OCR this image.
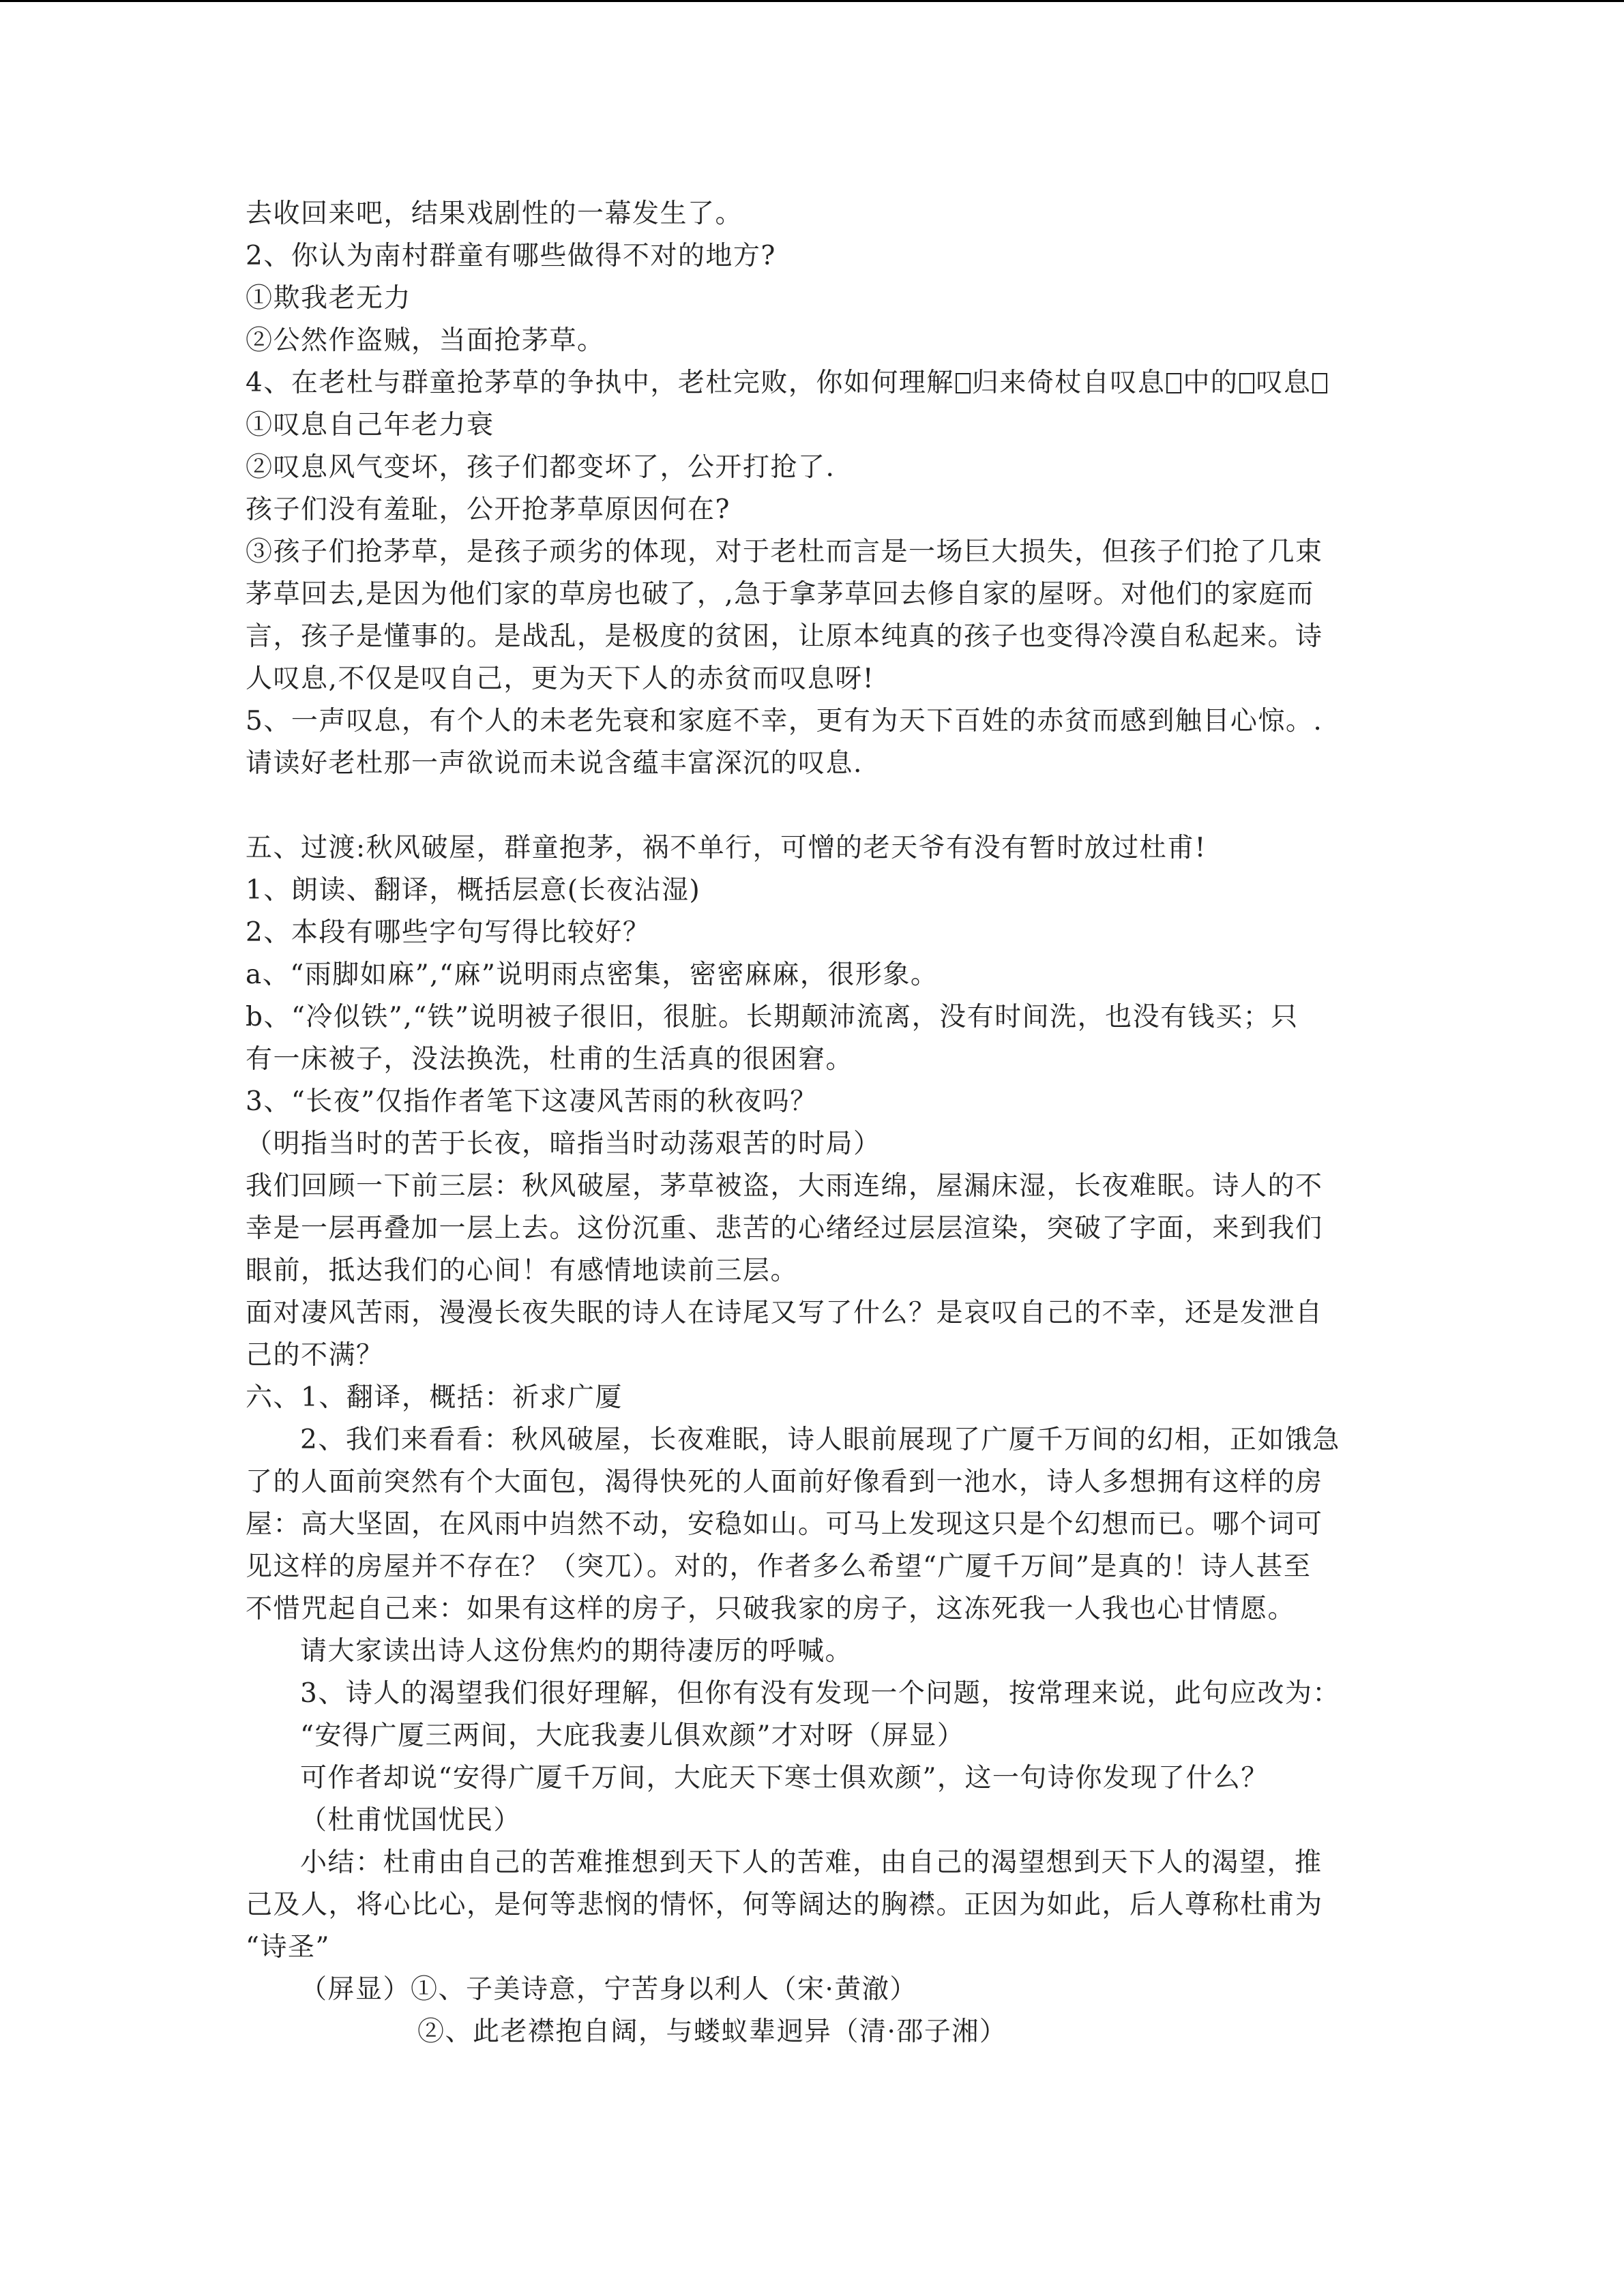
去收回来吧，结果戏剧性的一幕发生了。
2、你认为南村群童有哪些做得不对的地方?
①欺我老无力
②公然作盗贼，当面抢茅草。
4、在老杜与群童抢茅草的争执中，老杜完败，你如何理解 归来倚杖自叹息 中的 叹息
①叹息自己年老力衰
②叹息风气变坏，孩子们都变坏了，公开打抢了.
孩子们没有羞耻，公开抢茅草原因何在?
③孩子们抢茅草，是孩子顽劣的体现，对于老杜而言是一场巨大损失，但孩子们抢了几束
茅草回去,是因为他们家的草房也破了，,急于拿茅草回去修自家的屋呀。对他们的家庭而
言，孩子是懂事的。是战乱，是极度的贫困，让原本纯真的孩子也变得冷漠自私起来。诗
人叹息,不仅是叹自己，更为天下人的赤贫而叹息呀!
5、一声叹息，有个人的未老先衰和家庭不幸，更有为天下百姓的赤贫而感到触目心惊。.
请读好老杜那一声欲说而未说含蕴丰富深沉的叹息.
五、过渡:秋风破屋，群童抱茅，祸不单行，可憎的老天爷有没有暂时放过杜甫!
1、朗读、翻译，概括层意(长夜沾湿)
2、本段有哪些字句写得比较好？
a、“雨脚如麻”,“麻”说明雨点密集，密密麻麻，很形象。
b、“冷似铁”,“铁”说明被子很旧，很脏。长期颠沛流离，没有时间洗，也没有钱买；只
有一床被子，没法换洗，杜甫的生活真的很困窘。
3、“长夜”仅指作者笔下这凄风苦雨的秋夜吗？
（明指当时的苦于长夜，暗指当时动荡艰苦的时局）
我们回顾一下前三层：秋风破屋，茅草被盗，大雨连绵，屋漏床湿，长夜难眠。诗人的不
幸是一层再叠加一层上去。这份沉重、悲苦的心绪经过层层渲染，突破了字面，来到我们
眼前，抵达我们的心间！有感情地读前三层。
面对凄风苦雨，漫漫长夜失眠的诗人在诗尾又写了什么？是哀叹自己的不幸，还是发泄自
己的不满？
六、1、翻译，概括：祈求广厦
2、我们来看看：秋风破屋，长夜难眠，诗人眼前展现了广厦千万间的幻相，正如饿急
了的人面前突然有个大面包，渴得快死的人面前好像看到一池水，诗人多想拥有这样的房
屋：高大坚固，在风雨中岿然不动，安稳如山。可马上发现这只是个幻想而已。哪个词可
见这样的房屋并不存在？（突兀）。对的，作者多么希望“广厦千万间”是真的！诗人甚至
不惜咒起自己来：如果有这样的房子，只破我家的房子，这冻死我一人我也心甘情愿。
请大家读出诗人这份焦灼的期待凄厉的呼喊。
3、诗人的渴望我们很好理解，但你有没有发现一个问题，按常理来说，此句应改为：
“安得广厦三两间，大庇我妻儿俱欢颜”才对呀（屏显）
可作者却说“安得广厦千万间，大庇天下寒士俱欢颜”，这一句诗你发现了什么？
（杜甫忧国忧民）
小结：杜甫由自己的苦难推想到天下人的苦难，由自己的渴望想到天下人的渴望，推
己及人，将心比心，是何等悲悯的情怀，何等阔达的胸襟。正因为如此，后人尊称杜甫为
“诗圣”
（屏显）①、子美诗意，宁苦身以利人（宋·黄澈）
②、此老襟抱自阔，与蝼蚁辈迥异（清·邵子湘）
